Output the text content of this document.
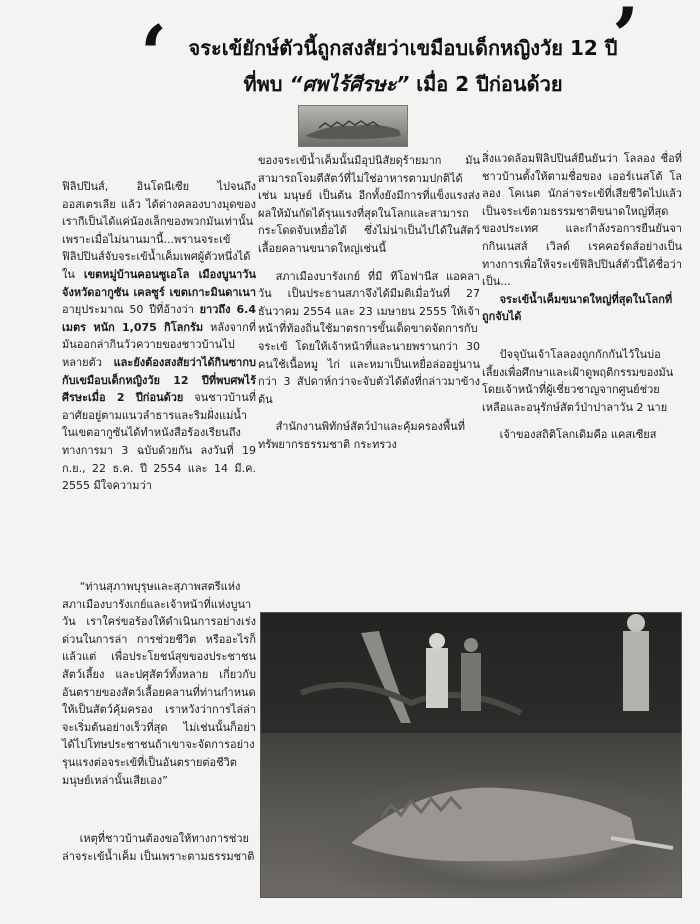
‘	’
จระเข้ยักษ์ตัวนี้ถูกสงสัยว่าเขมือบเด็กหญิงวัย 12 ปี
ที่พบ “ศพไร้ศีรษะ” เมื่อ 2 ปีก่อนด้วย

ฟิลิปปินส์, อินโดนีเซีย ไปจนถึงออสเตรเลีย แล้ว ได้ต่างคลองบางมุดของเรากีเป็นได้แค่น้องเล็กของพวกมันเท่านั้น เพราะเมื่อไม่นานมานี้...พรานจระเข้ฟิลิปปินส์จับจระเข้น้ำเค็มเพศผู้ตัวหนึ่งได้ใน เขตหมู่บ้านคอนซูเอโล เมืองบูนาวัน จังหวัดอากูซัน เคลซูร์ เขตเกาะมินดาเนา อายุประมาณ 50 ปีที่อ้างว่า ยาวถึง 6.4 เมตร หนัก 1,075 กิโลกรัม หลังจากที่มันออกล่ากินวัวควายของชาวบ้านไปหลายตัว และยังต้องสงสัยว่าได้กินซากบกับเขมือบเด็กหญิงวัย 12 ปีที่พบศพไร้ศีรษะเมื่อ 2 ปีก่อนด้วย จนชาวบ้านที่อาศัยอยู่ตามแนวลำธารและริมฝั่งแม่น้ำในเขตอากูซันได้ทำหนังสือร้องเรียนถึงทางการมา 3 ฉบับด้วยกัน ลงวันที่ 19 ก.ย., 22 ธ.ค. ปี 2554 และ 14 มี.ค. 2555 มีใจความว่า

“ท่านสุภาพบุรุษและสุภาพสตรีแห่งสภาเมืองบารังเกย์และเจ้าหน้าที่แห่งบูนาวัน เราใคร่ขอร้องให้ดำเนินการอย่างเร่งด่วนในการล่า การช่วยชีวิต หรืออะไรก็แล้วแต่ เพื่อประโยชน์สุขของประชาชน สัตว์เลี้ยง และปศุสัตว์ทั้งหลาย เกี่ยวกับอันตรายของสัตว์เลื้อยคลานที่ท่านกำหนดให้เป็นสัตว์คุ้มครอง เราหวังว่าการไล่ล่าจะเริ่มต้นอย่างเร็วที่สุด ไม่เช่นนั้นก็อย่าได้ไปโทษประชาชนถ้าเขาจะจัดการอย่างรุนแรงต่อจระเข้ที่เป็นอันตรายต่อชีวิตมนุษย์เหล่านั้นเสียเอง”

เหตุที่ชาวบ้านต้องขอให้ทางการช่วยล่าจระเข้น้ำเค็ม เป็นเพราะตามธรรมชาติ

ของจระเข้น้ำเค็มนั้นมีอุปนิสัยดุร้ายมาก มันสามารถโจมตีสัตว์ที่ไม่ใช่อาหารตามปกติได้ เช่น มนุษย์ เป็นต้น อีกทั้งยังมีการที่แข็งแรงส่งผลให้มันกัดได้รุนแรงที่สุดในโลกและสามารถกระโดดจับเหยื่อได้ ซึ่งไม่น่าเป็นไปได้ในสัตว์เลื้อยคลานขนาดใหญ่เช่นนี้

สภาเมืองบารังเกย์ ที่มี ทีโอฟานีส แอคลาวัน เป็นประธานสภาจึงได้มีมติเมื่อวันที่ 27 ธันวาคม 2554 และ 23 เมษายน 2555 ให้เจ้าหน้าที่ท้องถิ่นใช้มาตรการขั้นเด็ดขาดจัดการกับจระเข้ โดยให้เจ้าหน้าที่และนายพรานกว่า 30 คนใช้เนื้อหมู ไก่ และหมาเป็นเหยื่อล่ออยู่นานกว่า 3 สัปดาห์กว่าจะจับตัวได้ดังที่กล่าวมาข้างต้น

สำนักงานพิทักษ์สัตว์ป่าและคุ้มครองพื้นที่ทรัพยากรธรรมชาติ กระทรวง

สิ่งแวดล้อมฟิลิปปินส์ยืนยันว่า โลลอง ชื่อที่ชาวบ้านตั้งให้ตามชื่อของ เออร์เนสโต้ โลลอง โคเนต นักล่าจระเข้ที่เสียชีวิตไปแล้วเป็นจระเข้ตามธรรมชาติขนาดใหญ่ที่สุดของประเทศ และกำลังรอการยืนยันจากกินเนสส์ เวิลด์ เรคคอร์ดส์อย่างเป็นทางการเพื่อให้จระเข้ฟิลิปปินส์ตัวนี้ได้ชื่อว่าเป็น...

จระเข้น้ำเค็มขนาดใหญ่ที่สุดในโลกที่ถูกจับได้

ปัจจุบันเจ้าโลลองถูกกักกันไว้ในบ่อเลี้ยงเพื่อศึกษาและเฝ้าดูพฤติกรรมของมัน โดยเจ้าหน้าที่ผู้เชี่ยวชาญจากศูนย์ช่วยเหลือและอนุรักษ์สัตว์ป่าปาลาวัน 2 นาย

เจ้าของสถิติโลกเดิมคือ แคสเซียส
